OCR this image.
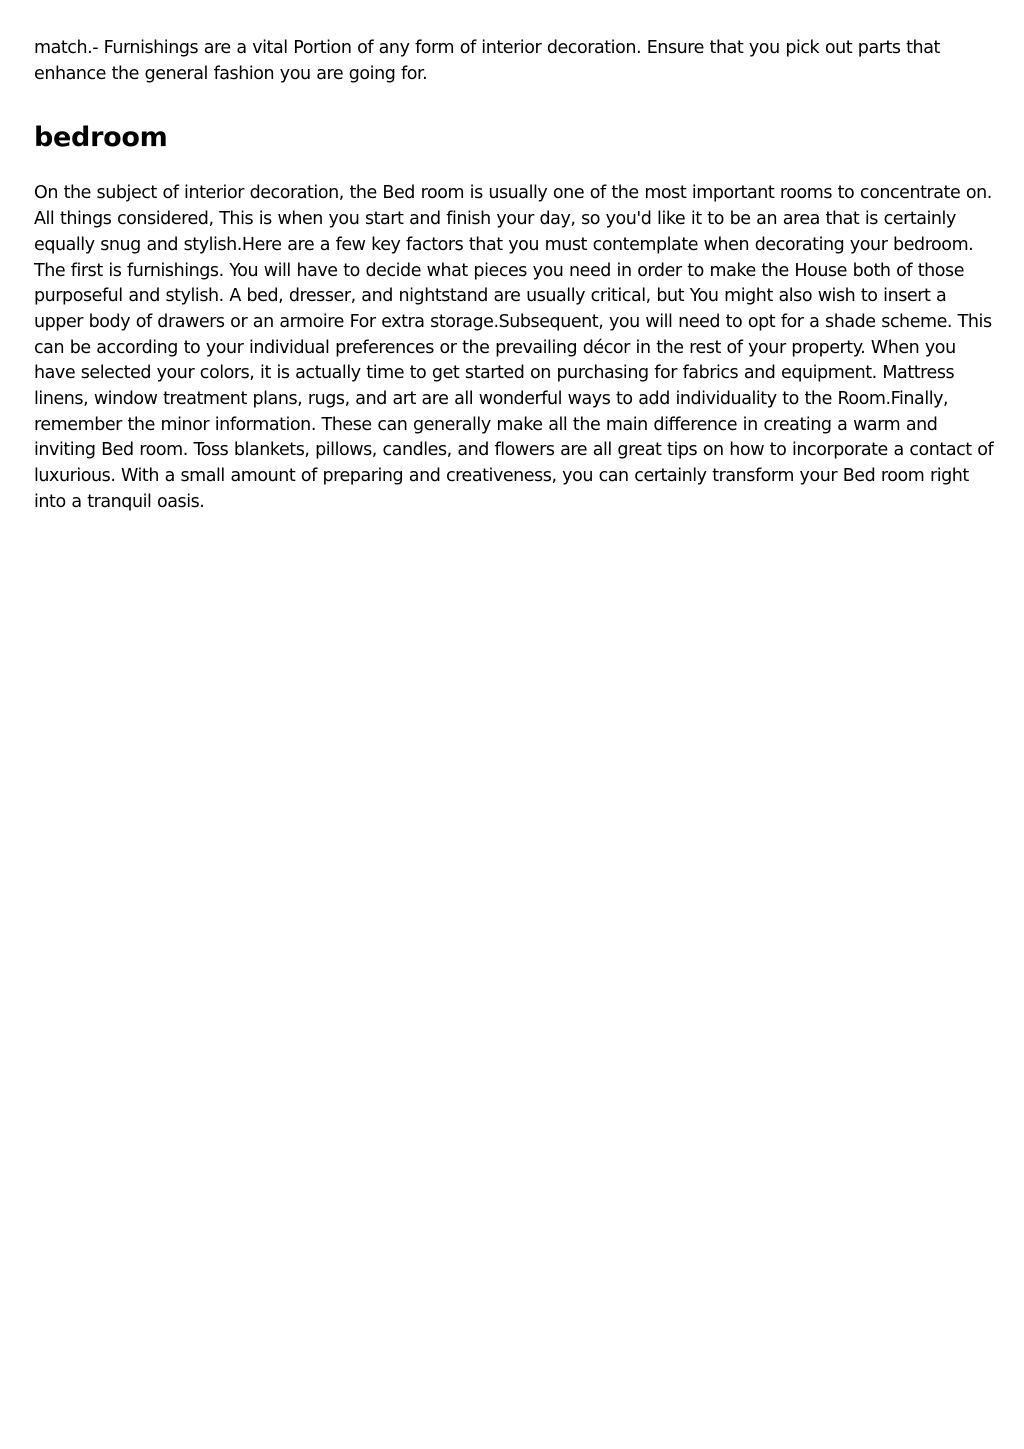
match.- Furnishings are a vital Portion of any form of interior decoration. Ensure that you pick out parts that enhance the general fashion you are going for.

bedroom

On the subject of interior decoration, the Bed room is usually one of the most important rooms to concentrate on. All things considered, This is when you start and finish your day, so you'd like it to be an area that is certainly equally snug and stylish.Here are a few key factors that you must contemplate when decorating your bedroom. The first is furnishings. You will have to decide what pieces you need in order to make the House both of those purposeful and stylish. A bed, dresser, and nightstand are usually critical, but You might also wish to insert a upper body of drawers or an armoire For extra storage.Subsequent, you will need to opt for a shade scheme. This can be according to your individual preferences or the prevailing décor in the rest of your property. When you have selected your colors, it is actually time to get started on purchasing for fabrics and equipment. Mattress linens, window treatment plans, rugs, and art are all wonderful ways to add individuality to the Room.Finally, remember the minor information. These can generally make all the main difference in creating a warm and inviting Bed room. Toss blankets, pillows, candles, and flowers are all great tips on how to incorporate a contact of luxurious. With a small amount of preparing and creativeness, you can certainly transform your Bed room right into a tranquil oasis.
